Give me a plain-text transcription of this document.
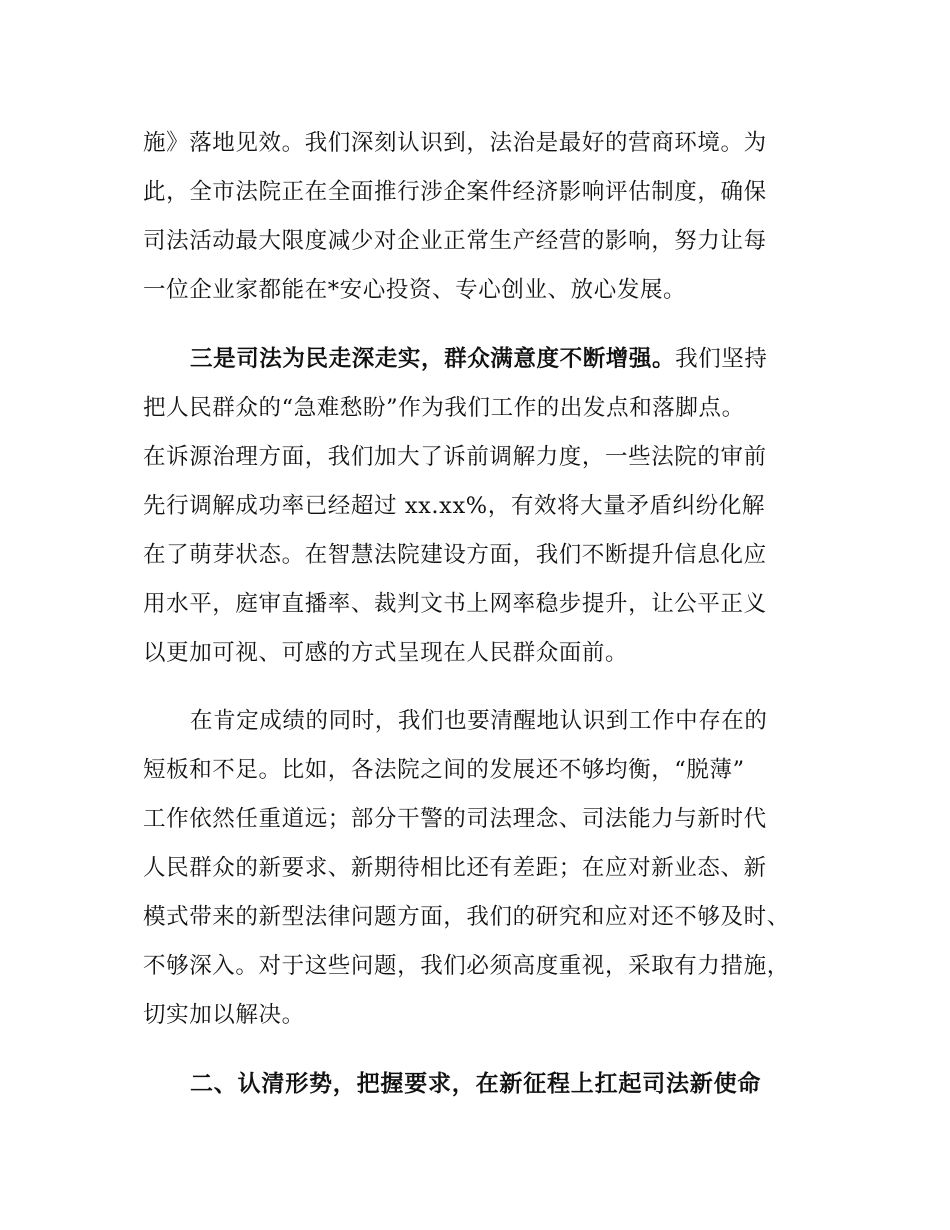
施》落地见效。我们深刻认识到，法治是最好的营商环境。为
此，全市法院正在全面推行涉企案件经济影响评估制度，确保
司法活动最大限度减少对企业正常生产经营的影响，努力让每
一位企业家都能在*安心投资、专心创业、放心发展。
三是司法为民走深走实，群众满意度不断增强。我们坚持
把人民群众的“急难愁盼”作为我们工作的出发点和落脚点。
在诉源治理方面，我们加大了诉前调解力度，一些法院的审前
先行调解成功率已经超过 xx.xx%，有效将大量矛盾纠纷化解
在了萌芽状态。在智慧法院建设方面，我们不断提升信息化应
用水平，庭审直播率、裁判文书上网率稳步提升，让公平正义
以更加可视、可感的方式呈现在人民群众面前。
在肯定成绩的同时，我们也要清醒地认识到工作中存在的
短板和不足。比如，各法院之间的发展还不够均衡，“脱薄”
工作依然任重道远；部分干警的司法理念、司法能力与新时代
人民群众的新要求、新期待相比还有差距；在应对新业态、新
模式带来的新型法律问题方面，我们的研究和应对还不够及时、
不够深入。对于这些问题，我们必须高度重视，采取有力措施，
切实加以解决。
二、认清形势，把握要求，在新征程上扛起司法新使命
